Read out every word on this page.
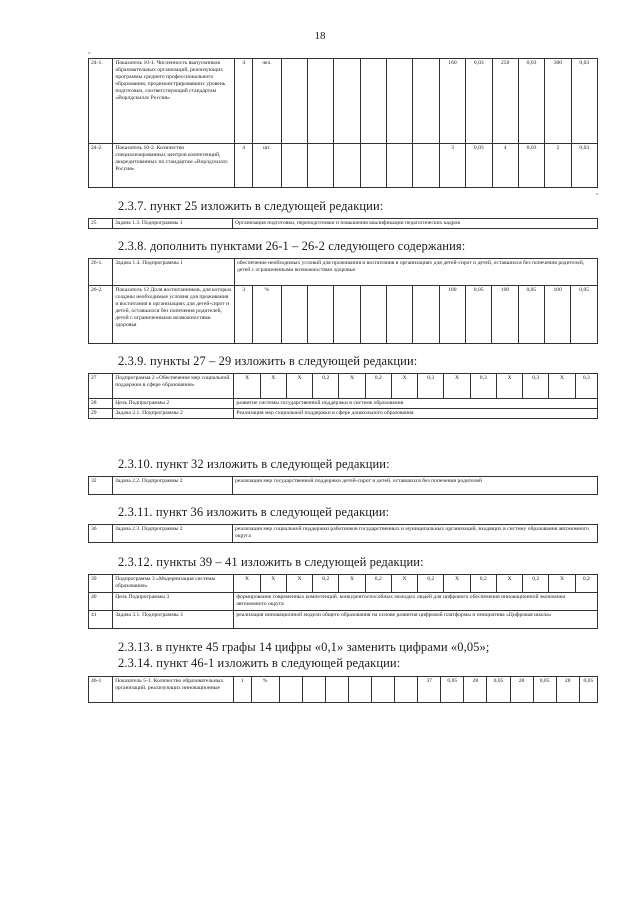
18
«
24-1.	Показатель 10-1. Численность выпускников образовательных организаций, реализующих программы среднего профессионального образования, продемонстрировавших уровень подготовки, соответствующий стандартам «Ворлдскиллс Россия»	4	чел.							160	0,03	250	0,03	300	0,03
24-2.	Показатель 10-2. Количество специализированных центров компетенций, аккредитованных по стандартам «Ворлдскиллс Россия»	4	шт.							3	0,03	4	0,03	2	0,03
»
2.3.7. пункт 25 изложить в следующей редакции:
25	Задача 1.3. Подпрограммы 1	Организация подготовки, переподготовки и повышения квалификации педагогических кадров
2.3.8. дополнить пунктами 26-1 – 26-2 следующего содержания:
26-1.	Задача 1.4. Подпрограммы 1	обеспечение необходимых условий для проживания и воспитания в организациях для детей-сирот и детей, оставшихся без попечения родителей, детей с ограниченными возможностями здоровья													
26-2.	Показатель 12 Доля воспитанников, для которых созданы необходимые условия для проживания и воспитания в организациях для детей-сирот и детей, оставшихся без попечения родителей, детей с ограниченными возможностями здоровья	3	%							100	0,05	100	0,05	100	0,05
2.3.9. пункты 27 – 29 изложить в следующей редакции:
27	Подпрограмма 2 «Обеспечение мер социальной поддержки в сфере образования»	X	X	X	0,2	X	0,2	X	0,3	X	0,3	X	0,3	X	0,3
28	Цель Подпрограммы 2	развитие системы государственной поддержки в системе образования													
29	Задача 2.1. Подпрограммы 2	Реализация мер социальной поддержки в сфере дошкольного образования													
2.3.10. пункт 32 изложить в следующей редакции:
32	Задача 2.2. Подпрограммы 2	реализация мер государственной поддержки детей-сирот и детей, оставшихся без попечения родителей
2.3.11. пункт 36 изложить в следующей редакции:
36	Задача 2.3. Подпрограммы 2	реализация мер социальной поддержки работников государственных и муниципальных организаций, входящих в систему образования автономного округа
2.3.12. пункты 39 – 41 изложить в следующей редакции:
39	Подпрограмма 3 «Модернизация системы образования»	X	X	X	0,2	X	0,2	X	0,2	X	0,2	X	0,2	X	0,2
40	Цель Подпрограммы 3	формирование современных компетенций, конкурентоспособных молодых людей для цифрового обеспечения инновационной экономики автономного округа													
41	Задача 3.1. Подпрограммы 3	реализация инновационной модели общего образования на основе развития цифровой платформы и инициатива «Цифровая школа»													
2.3.13. в пункте 45 графы 14 цифры «0,1» заменить цифрами «0,05»;
2.3.14. пункт 46-1 изложить в следующей редакции:
46-1	Показатель 5-1. Количество образовательных организаций, реализующих инновационные	1	%							37	0,05	28	0,05	28	0,05	28	0,05
